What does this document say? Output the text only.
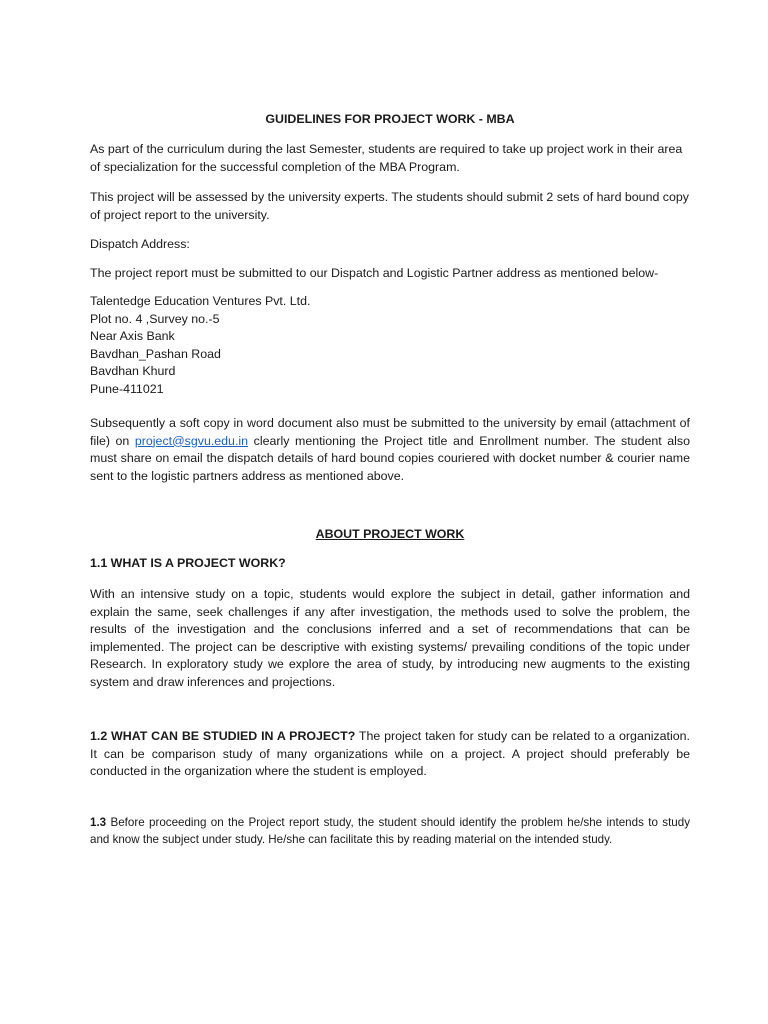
GUIDELINES FOR PROJECT WORK - MBA

As part of the curriculum during the last Semester, students are required to take up project work in their area of specialization for the successful completion of the MBA Program.

This project will be assessed by the university experts. The students should submit 2 sets of hard bound copy of project report to the university.

Dispatch Address:

The project report must be submitted to our Dispatch and Logistic Partner address as mentioned below-

Talentedge Education Ventures Pvt. Ltd.
Plot no. 4 ,Survey no.-5
Near Axis Bank
Bavdhan_Pashan Road
Bavdhan Khurd
Pune-411021

Subsequently a soft copy in word document also must be submitted to the university by email (attachment of file) on project@sgvu.edu.in clearly mentioning the Project title and Enrollment number. The student also must share on email the dispatch details of hard bound copies couriered with docket number & courier name sent to the logistic partners address as mentioned above.

ABOUT PROJECT WORK

1.1 WHAT IS A PROJECT WORK?

With an intensive study on a topic, students would explore the subject in detail, gather information and explain the same, seek challenges if any after investigation, the methods used to solve the problem, the results of the investigation and the conclusions inferred and a set of recommendations that can be implemented. The project can be descriptive with existing systems/ prevailing conditions of the topic under Research. In exploratory study we explore the area of study, by introducing new augments to the existing system and draw inferences and projections.

1.2 WHAT CAN BE STUDIED IN A PROJECT? The project taken for study can be related to a organization. It can be comparison study of many organizations while on a project. A project should preferably be conducted in the organization where the student is employed.

1.3 Before proceeding on the Project report study, the student should identify the problem he/she intends to study and know the subject under study. He/she can facilitate this by reading material on the intended study.
